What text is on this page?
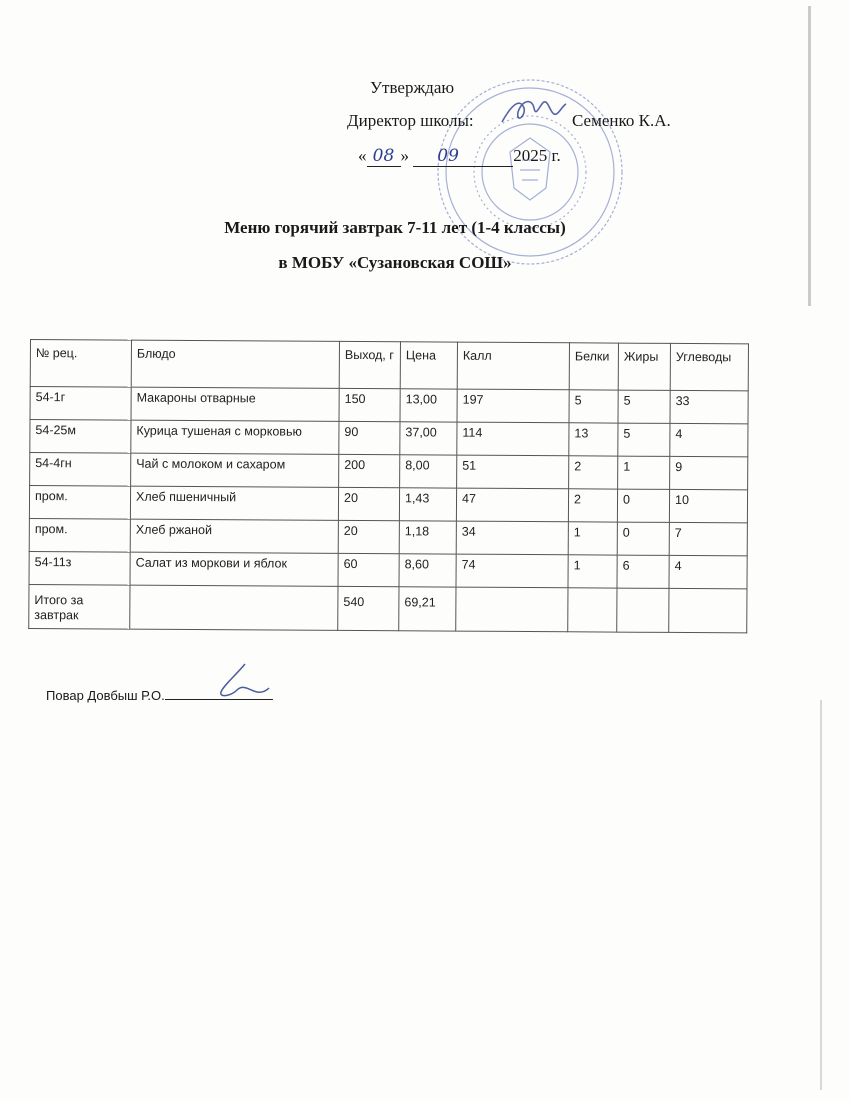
Утверждаю
Директор школы:	Семенко К.А.
« 08 » 09	2025 г.
Меню горячий завтрак 7-11 лет (1-4 классы)
в МОБУ «Сузановская СОШ»
№ рец.	Блюдо	Выход, г	Цена	Калл	Белки	Жиры	Углеводы
54-1г	Макароны отварные	150	13,00	197	5	5	33
54-25м	Курица тушеная с морковью	90	37,00	114	13	5	4
54-4гн	Чай с молоком и сахаром	200	8,00	51	2	1	9
пром.	Хлеб пшеничный	20	1,43	47	2	0	10
пром.	Хлеб ржаной	20	1,18	34	1	0	7
54-11з	Салат из моркови и яблок	60	8,60	74	1	6	4
Итого за завтрак		540	69,21				
Повар Довбыш Р.О.
